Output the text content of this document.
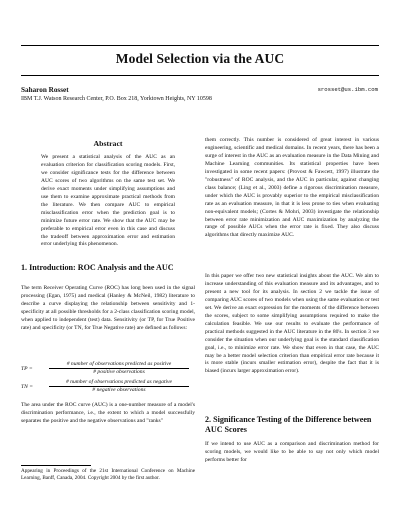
Model Selection via the AUC
Saharon Rosset	srosset@us.ibm.com
IBM T.J. Watson Research Center, P.O. Box 218, Yorktown Heights, NY 10598
Abstract

We present a statistical analysis of the AUC as an evaluation criterion for classification scoring models. First, we consider significance tests for the difference between AUC scores of two algorithms on the same test set. We derive exact moments under simplifying assumptions and use them to examine approximate practical methods from the literature. We then compare AUC to empirical misclassification error when the prediction goal is to minimize future error rate. We show that the AUC may be preferable to empirical error even in this case and discuss the tradeoff between approximation error and estimation error underlying this phenomenon.

1. Introduction: ROC Analysis and the AUC

The term Receiver Operating Curve (ROC) has long been used in the signal processing (Egan, 1975) and medical (Hanley & McNeil, 1982) literature to describe a curve displaying the relationship between sensitivity and 1-specificity at all possible thresholds for a 2-class classification scoring model, when applied to independent (test) data. Sensitivity (or TP, for True Positive rate) and specificity (or TN, for True Negative rate) are defined as follows:

TP =
# number of observations predicted as positive
# positive observations
TN =
# number of observations predicted as negative
# negative observations

The area under the ROC curve (AUC) is a one-number measure of a model's discrimination performance, i.e., the extent to which a model successfully separates the positive and the negative observations and "ranks"

Appearing in Proceedings of the 21st International Conference on Machine Learning, Banff, Canada, 2004. Copyright 2004 by the first author.

them correctly. This number is considered of great interest in various engineering, scientific and medical domains. In recent years, there has been a surge of interest in the AUC as an evaluation measure in the Data Mining and Machine Learning communities. Its statistical properties have been investigated in some recent papers: (Provost & Fawcett, 1997) illustrate the "robustness" of ROC analysis, and the AUC in particular, against changing class balance; (Ling et al., 2003) define a rigorous discrimination measure, under which the AUC is provably superior to the empirical misclassification rate as an evaluation measure, in that it is less prone to ties when evaluating non-equivalent models; (Cortes & Mohri, 2003) investigate the relationship between error rate minimization and AUC maximization by analyzing the range of possible AUCs when the error rate is fixed. They also discuss algorithms that directly maximize AUC.

In this paper we offer two new statistical insights about the AUC. We aim to increase understanding of this evaluation measure and its advantages, and to present a new tool for its analysis. In section 2 we tackle the issue of comparing AUC scores of two models when using the same evaluation or test set. We derive an exact expression for the moments of the difference between the scores, subject to some simplifying assumptions required to make the calculation feasible. We use our results to evaluate the performance of practical methods suggested in the AUC literature in the 80's. In section 3 we consider the situation when our underlying goal is the standard classification goal, i.e., to minimize error rate. We show that even in that case, the AUC may be a better model selection criterion than empirical error rate because it is more stable (incurs smaller estimation error), despite the fact that it is biased (incurs larger approximation error).

2. Significance Testing of the Difference between AUC Scores

If we intend to use AUC as a comparison and discrimination method for scoring models, we would like to be able to say not only which model performs better for
